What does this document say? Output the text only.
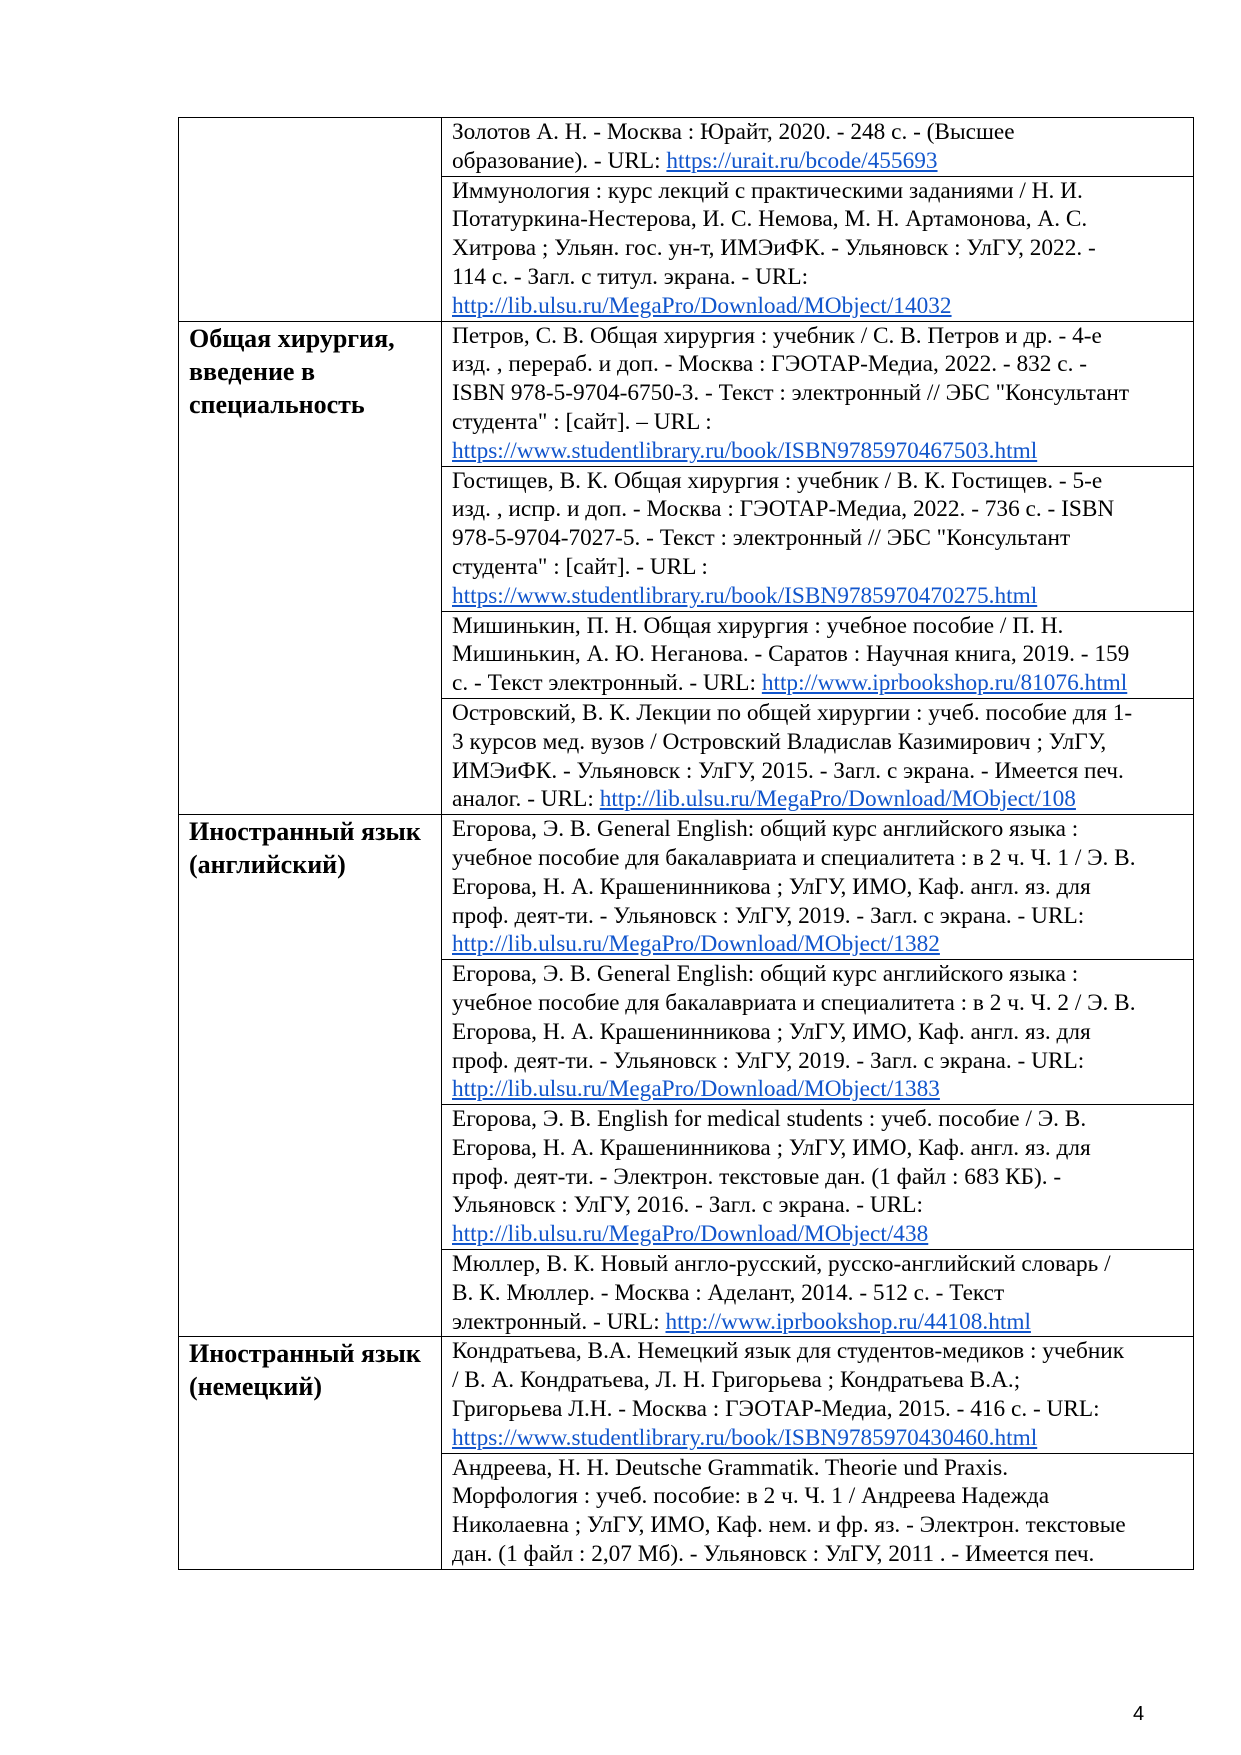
	Золотов А. Н. - Москва : Юрайт, 2020. - 248 с. - (Высшее
образование). - URL: https://urait.ru/bcode/455693
	Иммунология : курс лекций с практическими заданиями / Н. И.
Потатуркина-Нестерова, И. С. Немова, М. Н. Артамонова, А. С.
Хитрова ; Ульян. гос. ун-т, ИМЭиФК. - Ульяновск : УлГУ, 2022. -
114 с. - Загл. с титул. экрана. - URL:
http://lib.ulsu.ru/MegaPro/Download/MObject/14032
Общая хирургия, введение в специальность	Петров, С. В. Общая хирургия : учебник / С. В. Петров и др. - 4-е
изд. , перераб. и доп. - Москва : ГЭОТАР-Медиа, 2022. - 832 с. -
ISBN 978-5-9704-6750-3. - Текст : электронный // ЭБС "Консультант
студента" : [сайт]. – URL :
https://www.studentlibrary.ru/book/ISBN9785970467503.html
	Гостищев, В. К. Общая хирургия : учебник / В. К. Гостищев. - 5-е
изд. , испр. и доп. - Москва : ГЭОТАР-Медиа, 2022. - 736 с. - ISBN
978-5-9704-7027-5. - Текст : электронный // ЭБС "Консультант
студента" : [сайт]. - URL :
https://www.studentlibrary.ru/book/ISBN9785970470275.html
	Мишинькин, П. Н. Общая хирургия : учебное пособие / П. Н.
Мишинькин, А. Ю. Неганова. - Саратов : Научная книга, 2019. - 159
с. - Текст электронный. - URL: http://www.iprbookshop.ru/81076.html
	Островский, В. К. Лекции по общей хирургии : учеб. пособие для 1-
3 курсов мед. вузов / Островский Владислав Казимирович ; УлГУ,
ИМЭиФК. - Ульяновск : УлГУ, 2015. - Загл. с экрана. - Имеется печ.
аналог. - URL: http://lib.ulsu.ru/MegaPro/Download/MObject/108
Иностранный язык (английский)	Егорова, Э. В. General English: общий курс английского языка :
учебное пособие для бакалавриата и специалитета : в 2 ч. Ч. 1 / Э. В.
Егорова, Н. А. Крашенинникова ; УлГУ, ИМО, Каф. англ. яз. для
проф. деят-ти. - Ульяновск : УлГУ, 2019. - Загл. с экрана. - URL:
http://lib.ulsu.ru/MegaPro/Download/MObject/1382
	Егорова, Э. В. General English: общий курс английского языка :
учебное пособие для бакалавриата и специалитета : в 2 ч. Ч. 2 / Э. В.
Егорова, Н. А. Крашенинникова ; УлГУ, ИМО, Каф. англ. яз. для
проф. деят-ти. - Ульяновск : УлГУ, 2019. - Загл. с экрана. - URL:
http://lib.ulsu.ru/MegaPro/Download/MObject/1383
	Егорова, Э. В. English for medical students : учеб. пособие / Э. В.
Егорова, Н. А. Крашенинникова ; УлГУ, ИМО, Каф. англ. яз. для
проф. деят-ти. - Электрон. текстовые дан. (1 файл : 683 КБ). -
Ульяновск : УлГУ, 2016. - Загл. с экрана. - URL:
http://lib.ulsu.ru/MegaPro/Download/MObject/438
	Мюллер, В. К. Новый англо-русский, русско-английский словарь /
В. К. Мюллер. - Москва : Аделант, 2014. - 512 с. - Текст
электронный. - URL: http://www.iprbookshop.ru/44108.html
Иностранный язык (немецкий)	Кондратьева, В.А. Немецкий язык для студентов-медиков : учебник
/ В. А. Кондратьева, Л. Н. Григорьева ; Кондратьева В.А.;
Григорьева Л.Н. - Москва : ГЭОТАР-Медиа, 2015. - 416 с. - URL:
https://www.studentlibrary.ru/book/ISBN9785970430460.html
	Андреева, Н. Н. Deutsche Grammatik. Theorie und Praxis.
Морфология : учеб. пособие: в 2 ч. Ч. 1 / Андреева Надежда
Николаевна ; УлГУ, ИМО, Каф. нем. и фр. яз. - Электрон. текстовые
дан. (1 файл : 2,07 Мб). - Ульяновск : УлГУ, 2011 . - Имеется печ.
4
